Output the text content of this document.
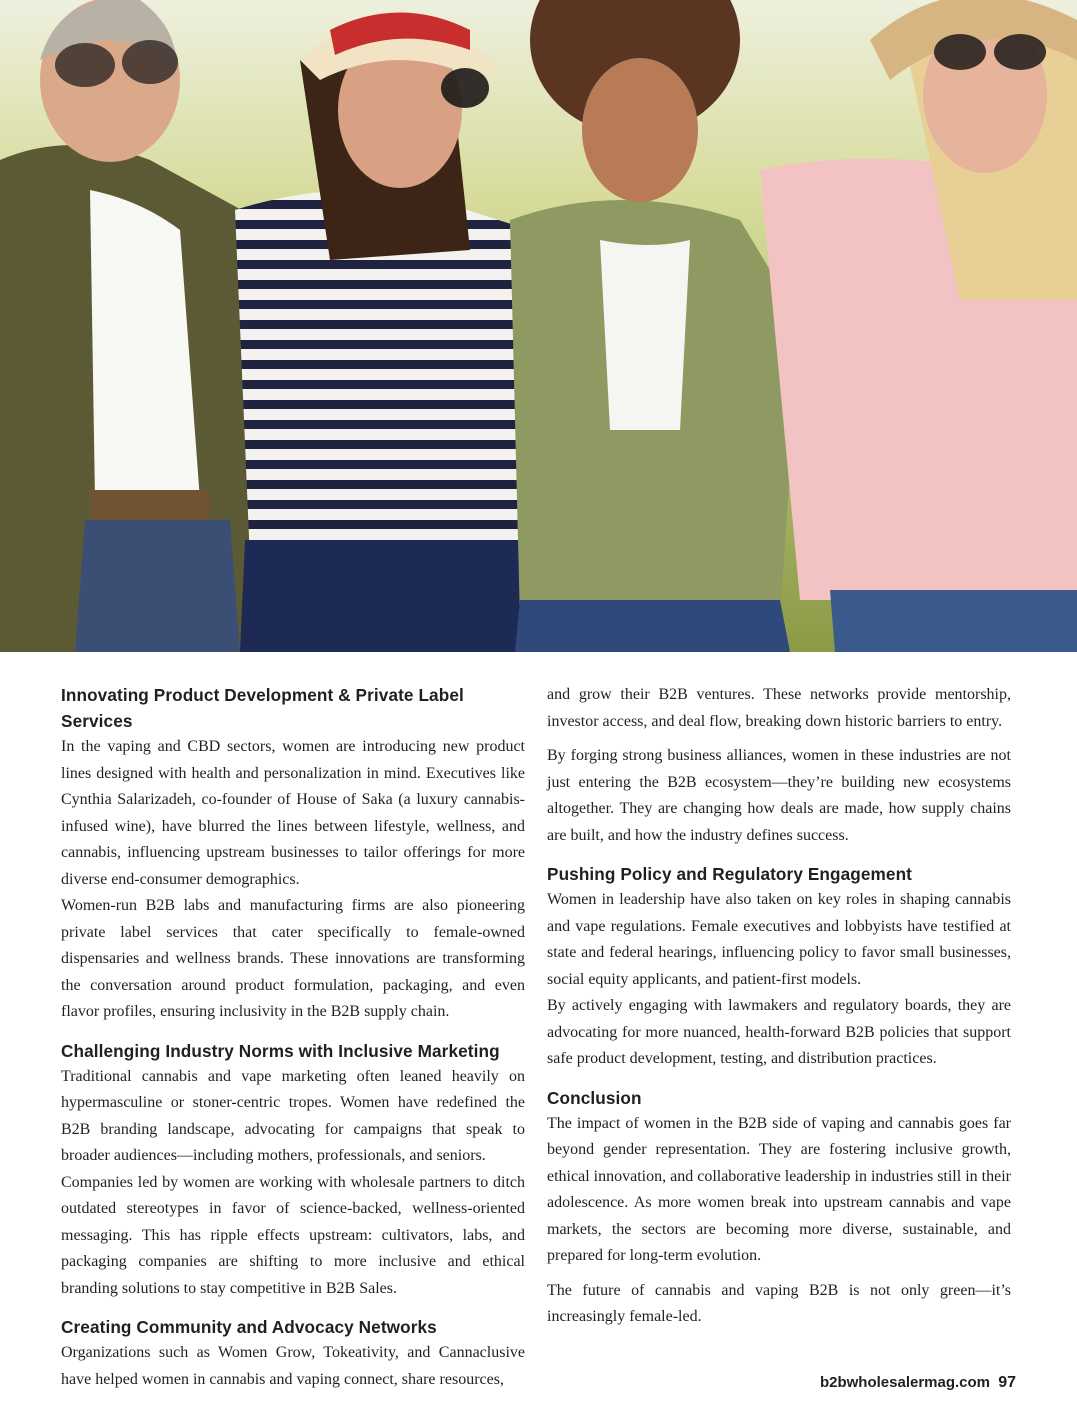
Innovating Product Development & Private Label Services

In the vaping and CBD sectors, women are introducing new product lines designed with health and personalization in mind. Executives like Cynthia Salarizadeh, co-founder of House of Saka (a luxury cannabis-infused wine), have blurred the lines between lifestyle, wellness, and cannabis, influencing upstream businesses to tailor offerings for more diverse end-consumer demographics.

Women-run B2B labs and manufacturing firms are also pioneering private label services that cater specifically to female-owned dispensaries and wellness brands. These innovations are transforming the conversation around product formulation, packaging, and even flavor profiles, ensuring inclusivity in the B2B supply chain.

Challenging Industry Norms with Inclusive Marketing

Traditional cannabis and vape marketing often leaned heavily on hypermasculine or stoner-centric tropes. Women have redefined the B2B branding landscape, advocating for campaigns that speak to broader audiences—including mothers, professionals, and seniors.

Companies led by women are working with wholesale partners to ditch outdated stereotypes in favor of science-backed, wellness-oriented messaging. This has ripple effects upstream: cultivators, labs, and packaging companies are shifting to more inclusive and ethical branding solutions to stay competitive in B2B Sales.

Creating Community and Advocacy Networks

Organizations such as Women Grow, Tokeativity, and Cannaclusive have helped women in cannabis and vaping connect, share resources,

and grow their B2B ventures. These networks provide mentorship, investor access, and deal flow, breaking down historic barriers to entry.

By forging strong business alliances, women in these industries are not just entering the B2B ecosystem—they’re building new ecosystems altogether. They are changing how deals are made, how supply chains are built, and how the industry defines success.

Pushing Policy and Regulatory Engagement

Women in leadership have also taken on key roles in shaping cannabis and vape regulations. Female executives and lobbyists have testified at state and federal hearings, influencing policy to favor small businesses, social equity applicants, and patient-first models.

By actively engaging with lawmakers and regulatory boards, they are advocating for more nuanced, health-forward B2B policies that support safe product development, testing, and distribution practices.

Conclusion

The impact of women in the B2B side of vaping and cannabis goes far beyond gender representation. They are fostering inclusive growth, ethical innovation, and collaborative leadership in industries still in their adolescence. As more women break into upstream cannabis and vape markets, the sectors are becoming more diverse, sustainable, and prepared for long-term evolution.

The future of cannabis and vaping B2B is not only green—it’s increasingly female-led.

b2bwholesalermag.com 97
